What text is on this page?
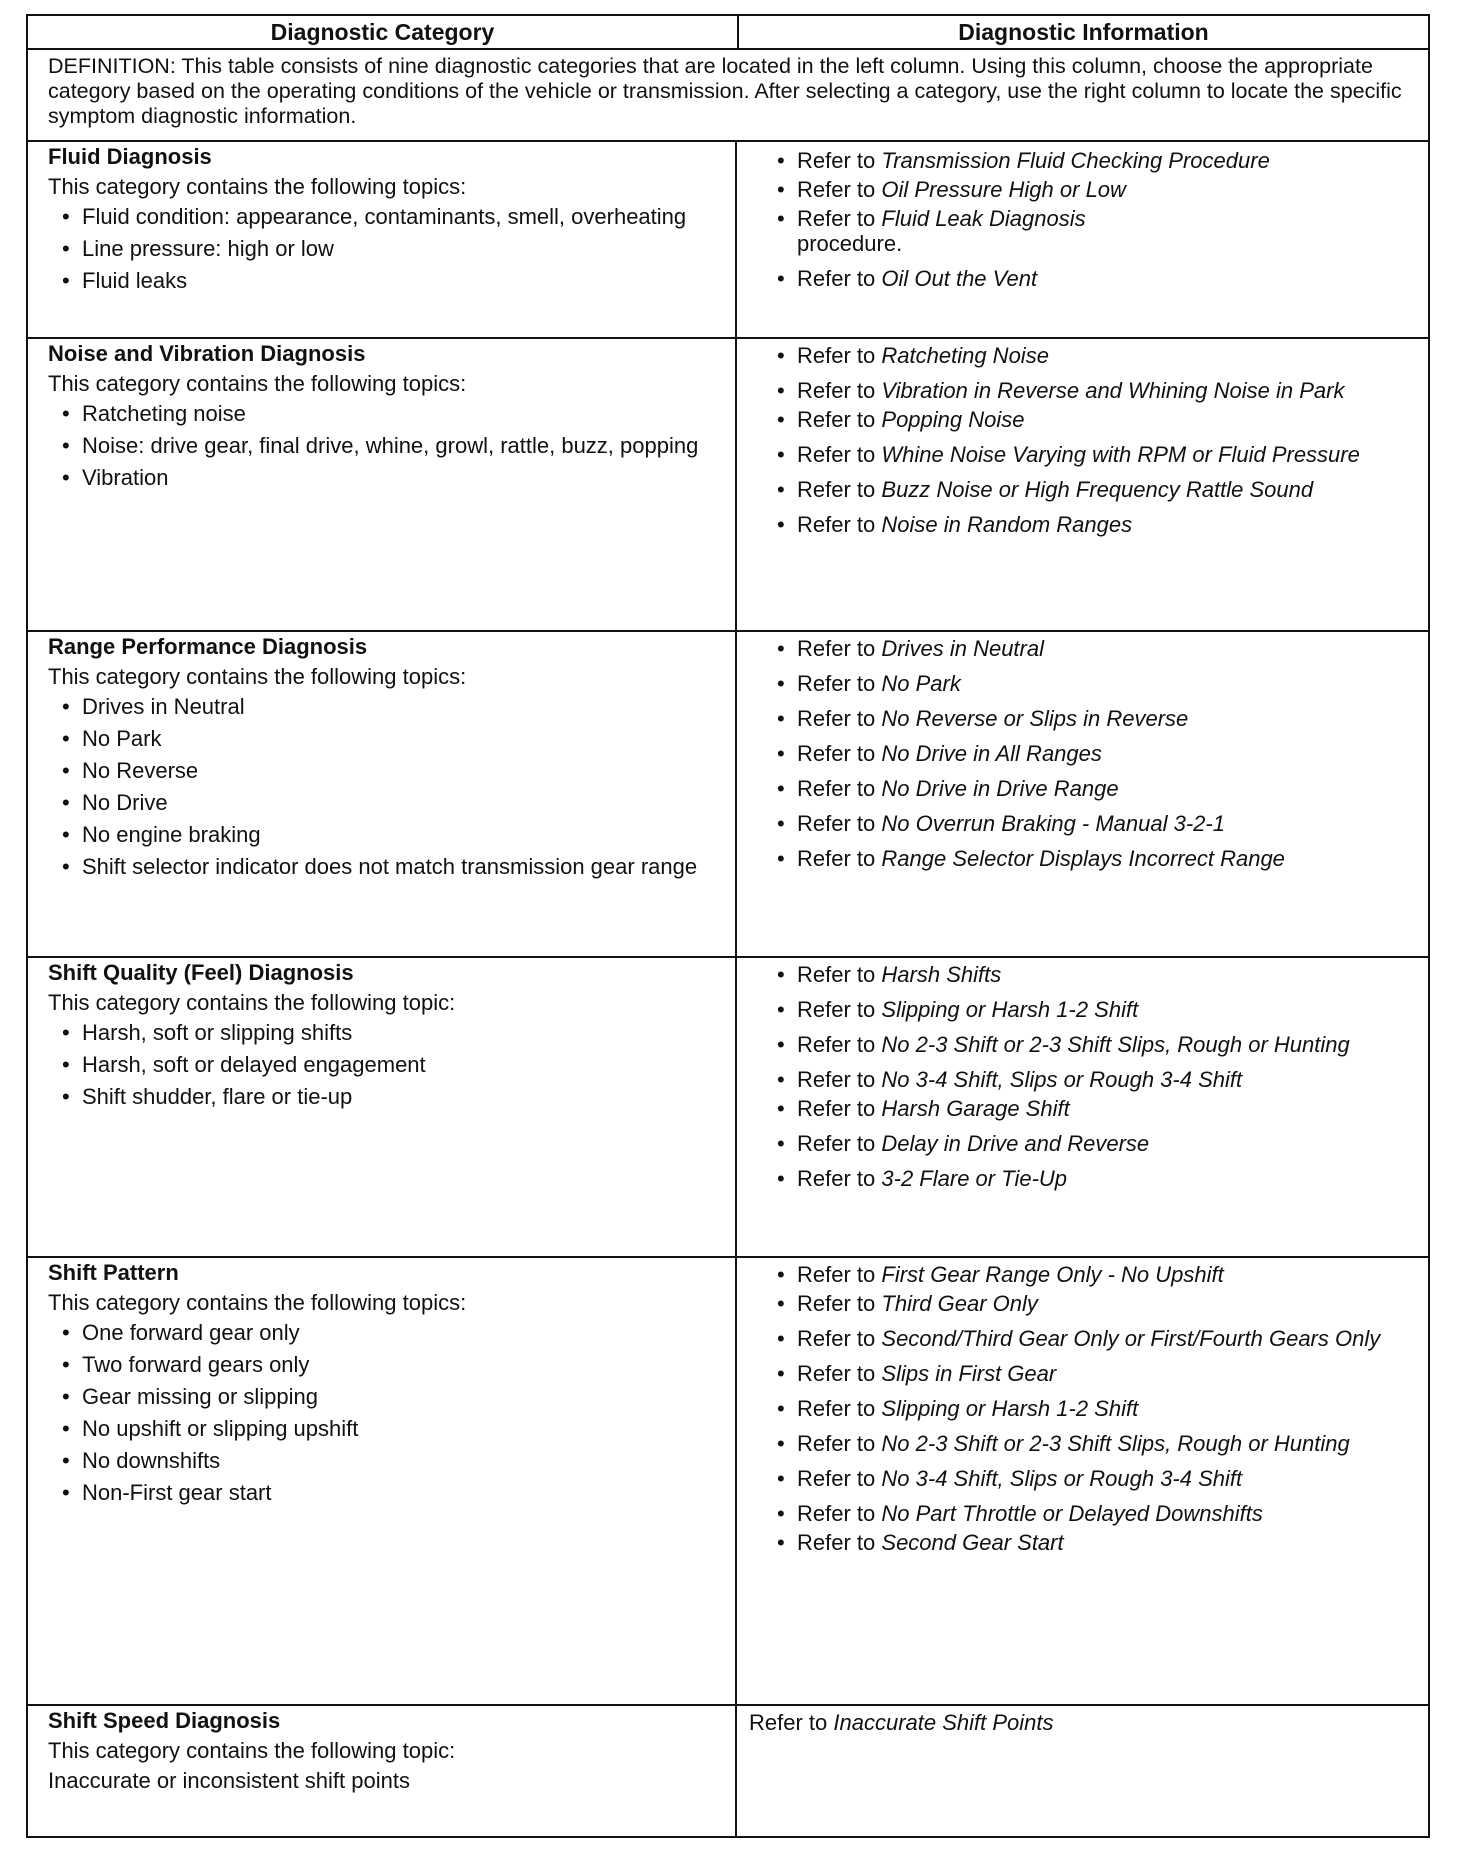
Diagnostic Category	Diagnostic Information
DEFINITION: This table consists of nine diagnostic categories that are located in the left column. Using this column, choose the appropriate category based on the operating conditions of the vehicle or transmission. After selecting a category, use the right column to locate the specific symptom diagnostic information.
Fluid Diagnosis
This category contains the following topics:
• Fluid condition: appearance, contaminants, smell, overheating
• Line pressure: high or low
• Fluid leaks
• Refer to Transmission Fluid Checking Procedure
• Refer to Oil Pressure High or Low
• Refer to Fluid Leak Diagnosis
procedure.
• Refer to Oil Out the Vent
Noise and Vibration Diagnosis
This category contains the following topics:
• Ratcheting noise
• Noise: drive gear, final drive, whine, growl, rattle, buzz, popping
• Vibration
• Refer to Ratcheting Noise
• Refer to Vibration in Reverse and Whining Noise in Park
• Refer to Popping Noise
• Refer to Whine Noise Varying with RPM or Fluid Pressure
• Refer to Buzz Noise or High Frequency Rattle Sound
• Refer to Noise in Random Ranges
Range Performance Diagnosis
This category contains the following topics:
• Drives in Neutral
• No Park
• No Reverse
• No Drive
• No engine braking
• Shift selector indicator does not match transmission gear range
• Refer to Drives in Neutral
• Refer to No Park
• Refer to No Reverse or Slips in Reverse
• Refer to No Drive in All Ranges
• Refer to No Drive in Drive Range
• Refer to No Overrun Braking - Manual 3-2-1
• Refer to Range Selector Displays Incorrect Range
Shift Quality (Feel) Diagnosis
This category contains the following topic:
• Harsh, soft or slipping shifts
• Harsh, soft or delayed engagement
• Shift shudder, flare or tie-up
• Refer to Harsh Shifts
• Refer to Slipping or Harsh 1-2 Shift
• Refer to No 2-3 Shift or 2-3 Shift Slips, Rough or Hunting
• Refer to No 3-4 Shift, Slips or Rough 3-4 Shift
• Refer to Harsh Garage Shift
• Refer to Delay in Drive and Reverse
• Refer to 3-2 Flare or Tie-Up
Shift Pattern
This category contains the following topics:
• One forward gear only
• Two forward gears only
• Gear missing or slipping
• No upshift or slipping upshift
• No downshifts
• Non-First gear start
• Refer to First Gear Range Only - No Upshift
• Refer to Third Gear Only
• Refer to Second/Third Gear Only or First/Fourth Gears Only
• Refer to Slips in First Gear
• Refer to Slipping or Harsh 1-2 Shift
• Refer to No 2-3 Shift or 2-3 Shift Slips, Rough or Hunting
• Refer to No 3-4 Shift, Slips or Rough 3-4 Shift
• Refer to No Part Throttle or Delayed Downshifts
• Refer to Second Gear Start
Shift Speed Diagnosis
This category contains the following topic:
Inaccurate or inconsistent shift points
Refer to Inaccurate Shift Points
